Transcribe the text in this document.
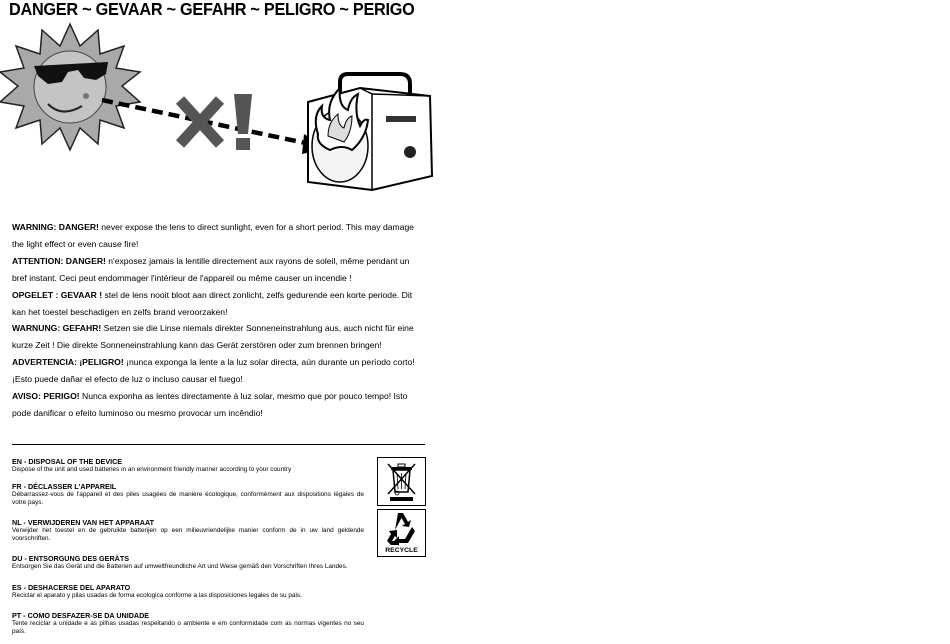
DANGER ~ GEVAAR ~ GEFAHR ~ PELIGRO ~ PERIGO
WARNING: DANGER! never expose the lens to direct sunlight, even for a short period. This may damage
the light effect or even cause fire!
ATTENTION: DANGER! n'exposez jamais la lentille directement aux rayons de soleil, même pendant un
bref instant. Ceci peut endommager l'intérieur de l'appareil ou même causer un incendie !
OPGELET : GEVAAR ! stel de lens nooit bloot aan direct zonlicht, zelfs gedurende een korte periode. Dit
kan het toestel beschadigen en zelfs brand veroorzaken!
WARNUNG: GEFAHR! Setzen sie die Linse niemals direkter Sonneneinstrahlung aus, auch nicht für eine
kurze Zeit ! Die direkte Sonneneinstrahlung kann das Gerät zerstören oder zum brennen bringen!
ADVERTENCIA: ¡PELIGRO! ¡nunca exponga la lente a la luz solar directa, aún durante un período corto!
¡Esto puede dañar el efecto de luz o incluso causar el fuego!
AVISO: PERIGO! Nunca exponha as lentes directamente à luz solar, mesmo que por pouco tempo! Isto
pode danificar o efeito luminoso ou mesmo provocar um incêndio!
EN - DISPOSAL OF THE DEVICE
Dispose of the unit and used batteries in an environment friendly manner according to your country
FR - DÉCLASSER L'APPAREIL
Débarrassez-vous de l'appareil et des piles usagées de manière écologique, conformément aux dispositions légales de votre pays.
NL - VERWIJDEREN VAN HET APPARAAT
Verwijder het toestel en de gebruikte batterijen op een milieuvriendelijke manier conform de in uw land geldende voorschriften.
DU - ENTSORGUNG DES GERÄTS
Entsorgen Sie das Gerät und die Batterien auf umweltfreundliche Art und Weise gemäß den Vorschriften Ihres Landes.
ES - DESHACERSE DEL APARATO
Reciclar el aparato y pilas usadas de forma ecologica conforme a las disposiciones legales de su pais.
PT - COMO DESFAZER-SE DA UNIDADE
Tente reciclar a unidade e as pilhas usadas respeitando o ambiente e em conformidade com as normas vigentes no seu país.
RECYCLE
